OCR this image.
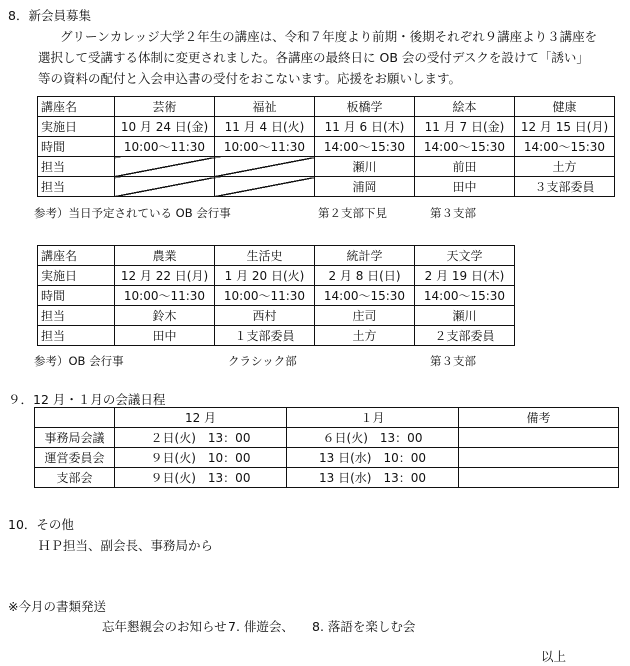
8．新会員募集
グリーンカレッジ大学２年生の講座は、令和７年度より前期・後期それぞれ９講座より３講座を
選択して受講する体制に変更されました。各講座の最終日に OB 会の受付デスクを設けて「誘い」
等の資料の配付と入会申込書の受付をおこないます。応援をお願いします。
講座名	芸術	福祉	板橋学	絵本	健康
実施日	10 月 24 日(金)	11 月 4 日(火)	11 月 6 日(木)	11 月 7 日(金)	12 月 15 日(月)
時間	10:00～11:30	10:00～11:30	14:00～15:30	14:00～15:30	14:00～15:30
担当			瀬川	前田	土方
担当			浦岡	田中	３支部委員
参考）当日予定されている OB 会行事	第２支部下見	第３支部
講座名	農業	生活史	統計学	天文学
実施日	12 月 22 日(月)	1 月 20 日(火)	2 月 8 日(日)	2 月 19 日(木)
時間	10:00～11:30	10:00～11:30	14:00～15:30	14:00～15:30
担当	鈴木	西村	庄司	瀬川
担当	田中	１支部委員	土方	２支部委員
参考）OB 会行事	クラシック部	第３支部
９．12 月・１月の会議日程
	12 月	１月	備考
事務局会議	２日(火)　13：00	６日(火)　13：00	
運営委員会	９日(火)　10：00	13 日(水)　10：00	
支部会	９日(火)　13：00	13 日(水)　13：00	
10．その他
ＨＰ担当、副会長、事務局から
※今月の書類発送
忘年懇親会のお知らせ 7. 俳遊会、 8. 落語を楽しむ会
以上
